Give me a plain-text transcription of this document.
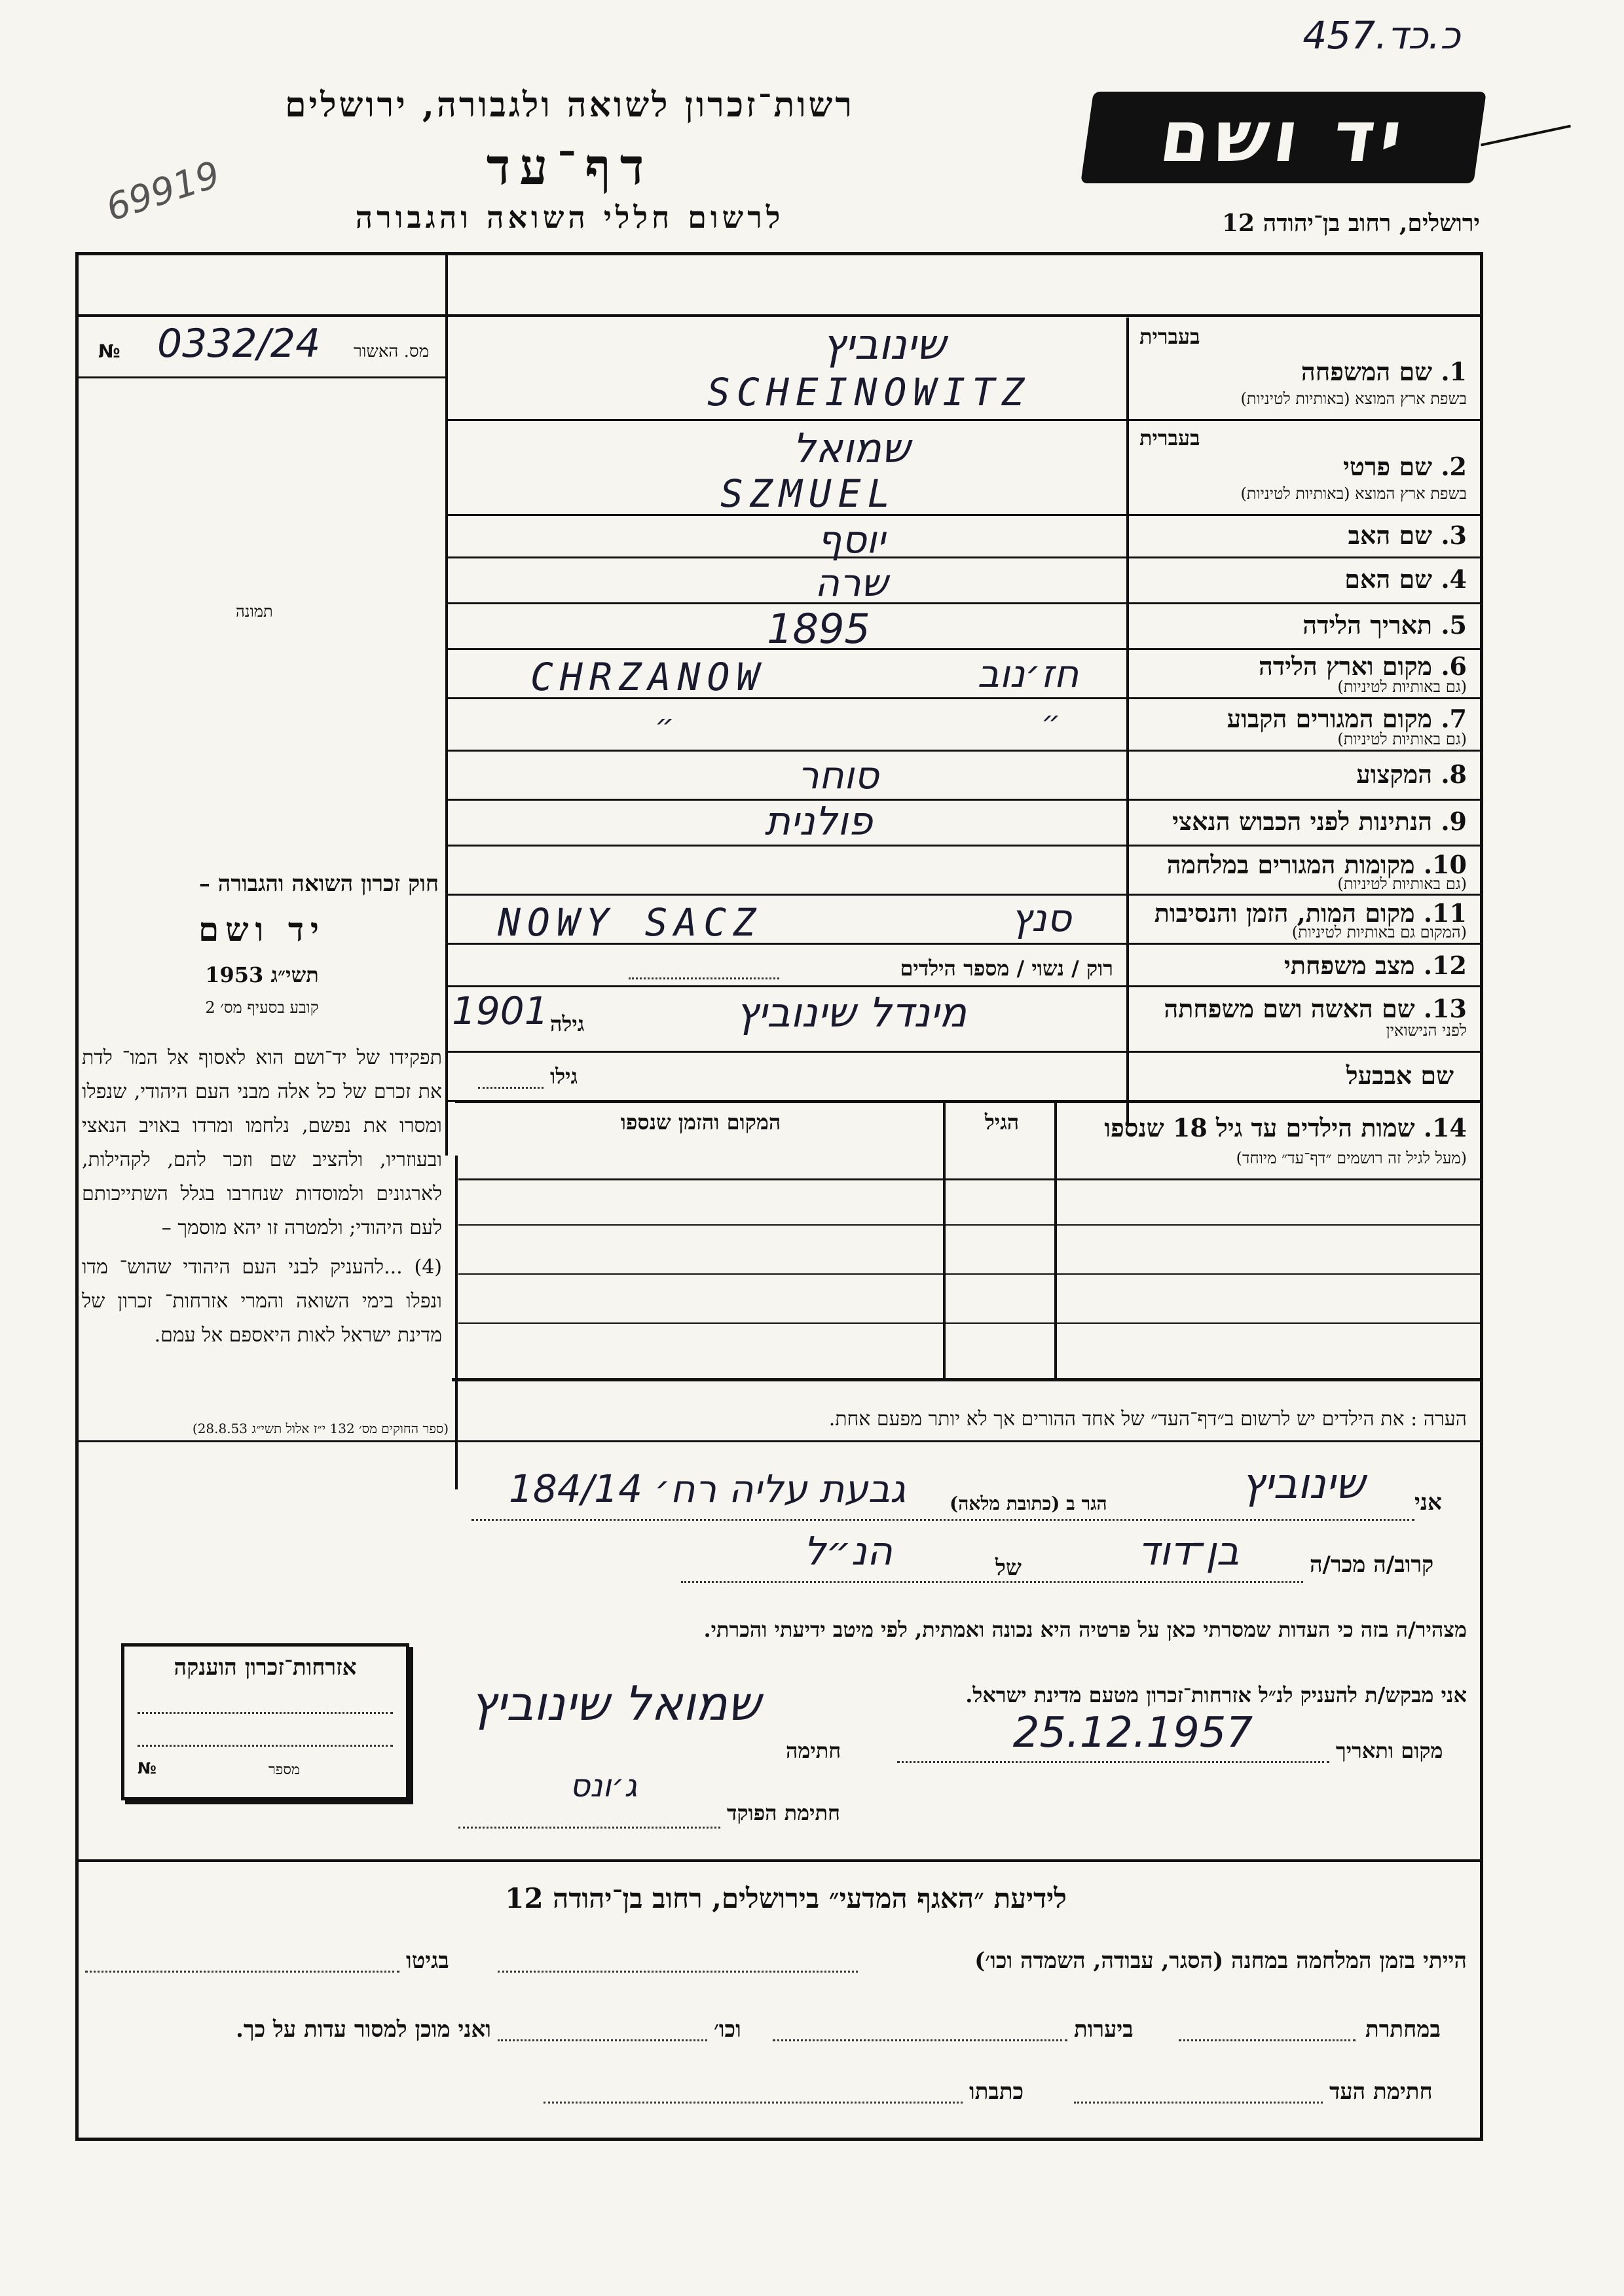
457.כ.כד
רשות־זכרון לשואה ולגבורה, ירושלים
דף־עד
לרשום חללי השואה והגבורה
69919
יד ושם
ירושלים, רחוב בן־יהודה 12
№ 0332/24 מס. האשור
תמונה
חוק זכרון השואה והגבורה –
יד ושם
תשי״ג 1953
קובע בסעיף מס׳ 2
תפקידו של יד־ושם הוא לאסוף אל המו־ לדת את זכרם של כל אלה מבני העם היהודי, שנפלו ומסרו את נפשם, נלחמו ומרדו באויב הנאצי ובעוזריו, ולהציב שם וזכר להם, לקהילות, לארגונים ולמוסדות שנחרבו בגלל השתייכותם לעם היהודי; ולמטרה זו יהא מוסמך –
(4) ...להעניק לבני העם היהודי שהוש־ מדו ונפלו בימי השואה והמרי אזרחות־ זכרון של מדינת ישראל לאות היאספם אל עמם.
(ספר החוקים מס׳ 132 י״ז אלול תשי״ג 28.8.53)
בעברית
1. שם המשפחה
בשפת ארץ המוצא (באותיות לטיניות)
שינוביץ
SCHEINOWITZ
בעברית
2. שם פרטי
בשפת ארץ המוצא (באותיות לטיניות)
שמואל
SZMUEL
3. שם האב
יוסף
4. שם האם
שרה
5. תאריך הלידה
1895
6. מקום וארץ הלידה
(גם באותיות לטיניות)
חז׳נוב
CHRZANOW
7. מקום המגורים הקבוע
(גם באותיות לטיניות)
״
״
8. המקצוע
סוחר
9. הנתינות לפני הכבוש הנאצי
פולנית
10. מקומות המגורים במלחמה
(גם באותיות לטיניות)
11. מקום המות, הזמן והנסיבות
(המקום גם באותיות לטיניות)
סנץ
NOWY SACZ
12. מצב משפחתי
רוק / נשוי / מספר הילדים
13. שם האשה ושם משפחתה
לפני הנישואין
מינדל שינוביץ
גילה
1901
שם אבבעל
גילו
14. שמות הילדים עד גיל 18 שנספו
(מעל לגיל זה רושמים ״דף־עד״ מיוחד)
הגיל
המקום והזמן שנספו
הערה : את הילדים יש לרשום ב״דף־העד״ של אחד ההורים אך לא יותר מפעם אחת.
אני
שינוביץ
הגר ב (כתובת מלאה)
גבעת עליה רח׳ 184/14
קרוב/ה מכר/ה
בן־דוד
של
הנ״ל
מצהיר/ה בזה כי העדות שמסרתי כאן על פרטיה היא נכונה ואמתית, לפי מיטב ידיעתי והכרתי.
אני מבקש/ת להעניק לנ״ל אזרחות־זכרון מטעם מדינת ישראל.
מקום ותאריך
25.12.1957
חתימה
שמואל שינוביץ
חתימת הפוקד
ג׳ונס
אזרחות־זכרון הוענקה
מספר
№
לידיעת ״האגף המדעי״ בירושלים, רחוב בן־יהודה 12
הייתי בזמן המלחמה במחנה (הסגר, עבודה, השמדה וכו׳)
בגיטו
במחתרת
ביערות
וכו׳
ואני מוכן למסור עדות על כך.
חתימת העד
כתבתו
